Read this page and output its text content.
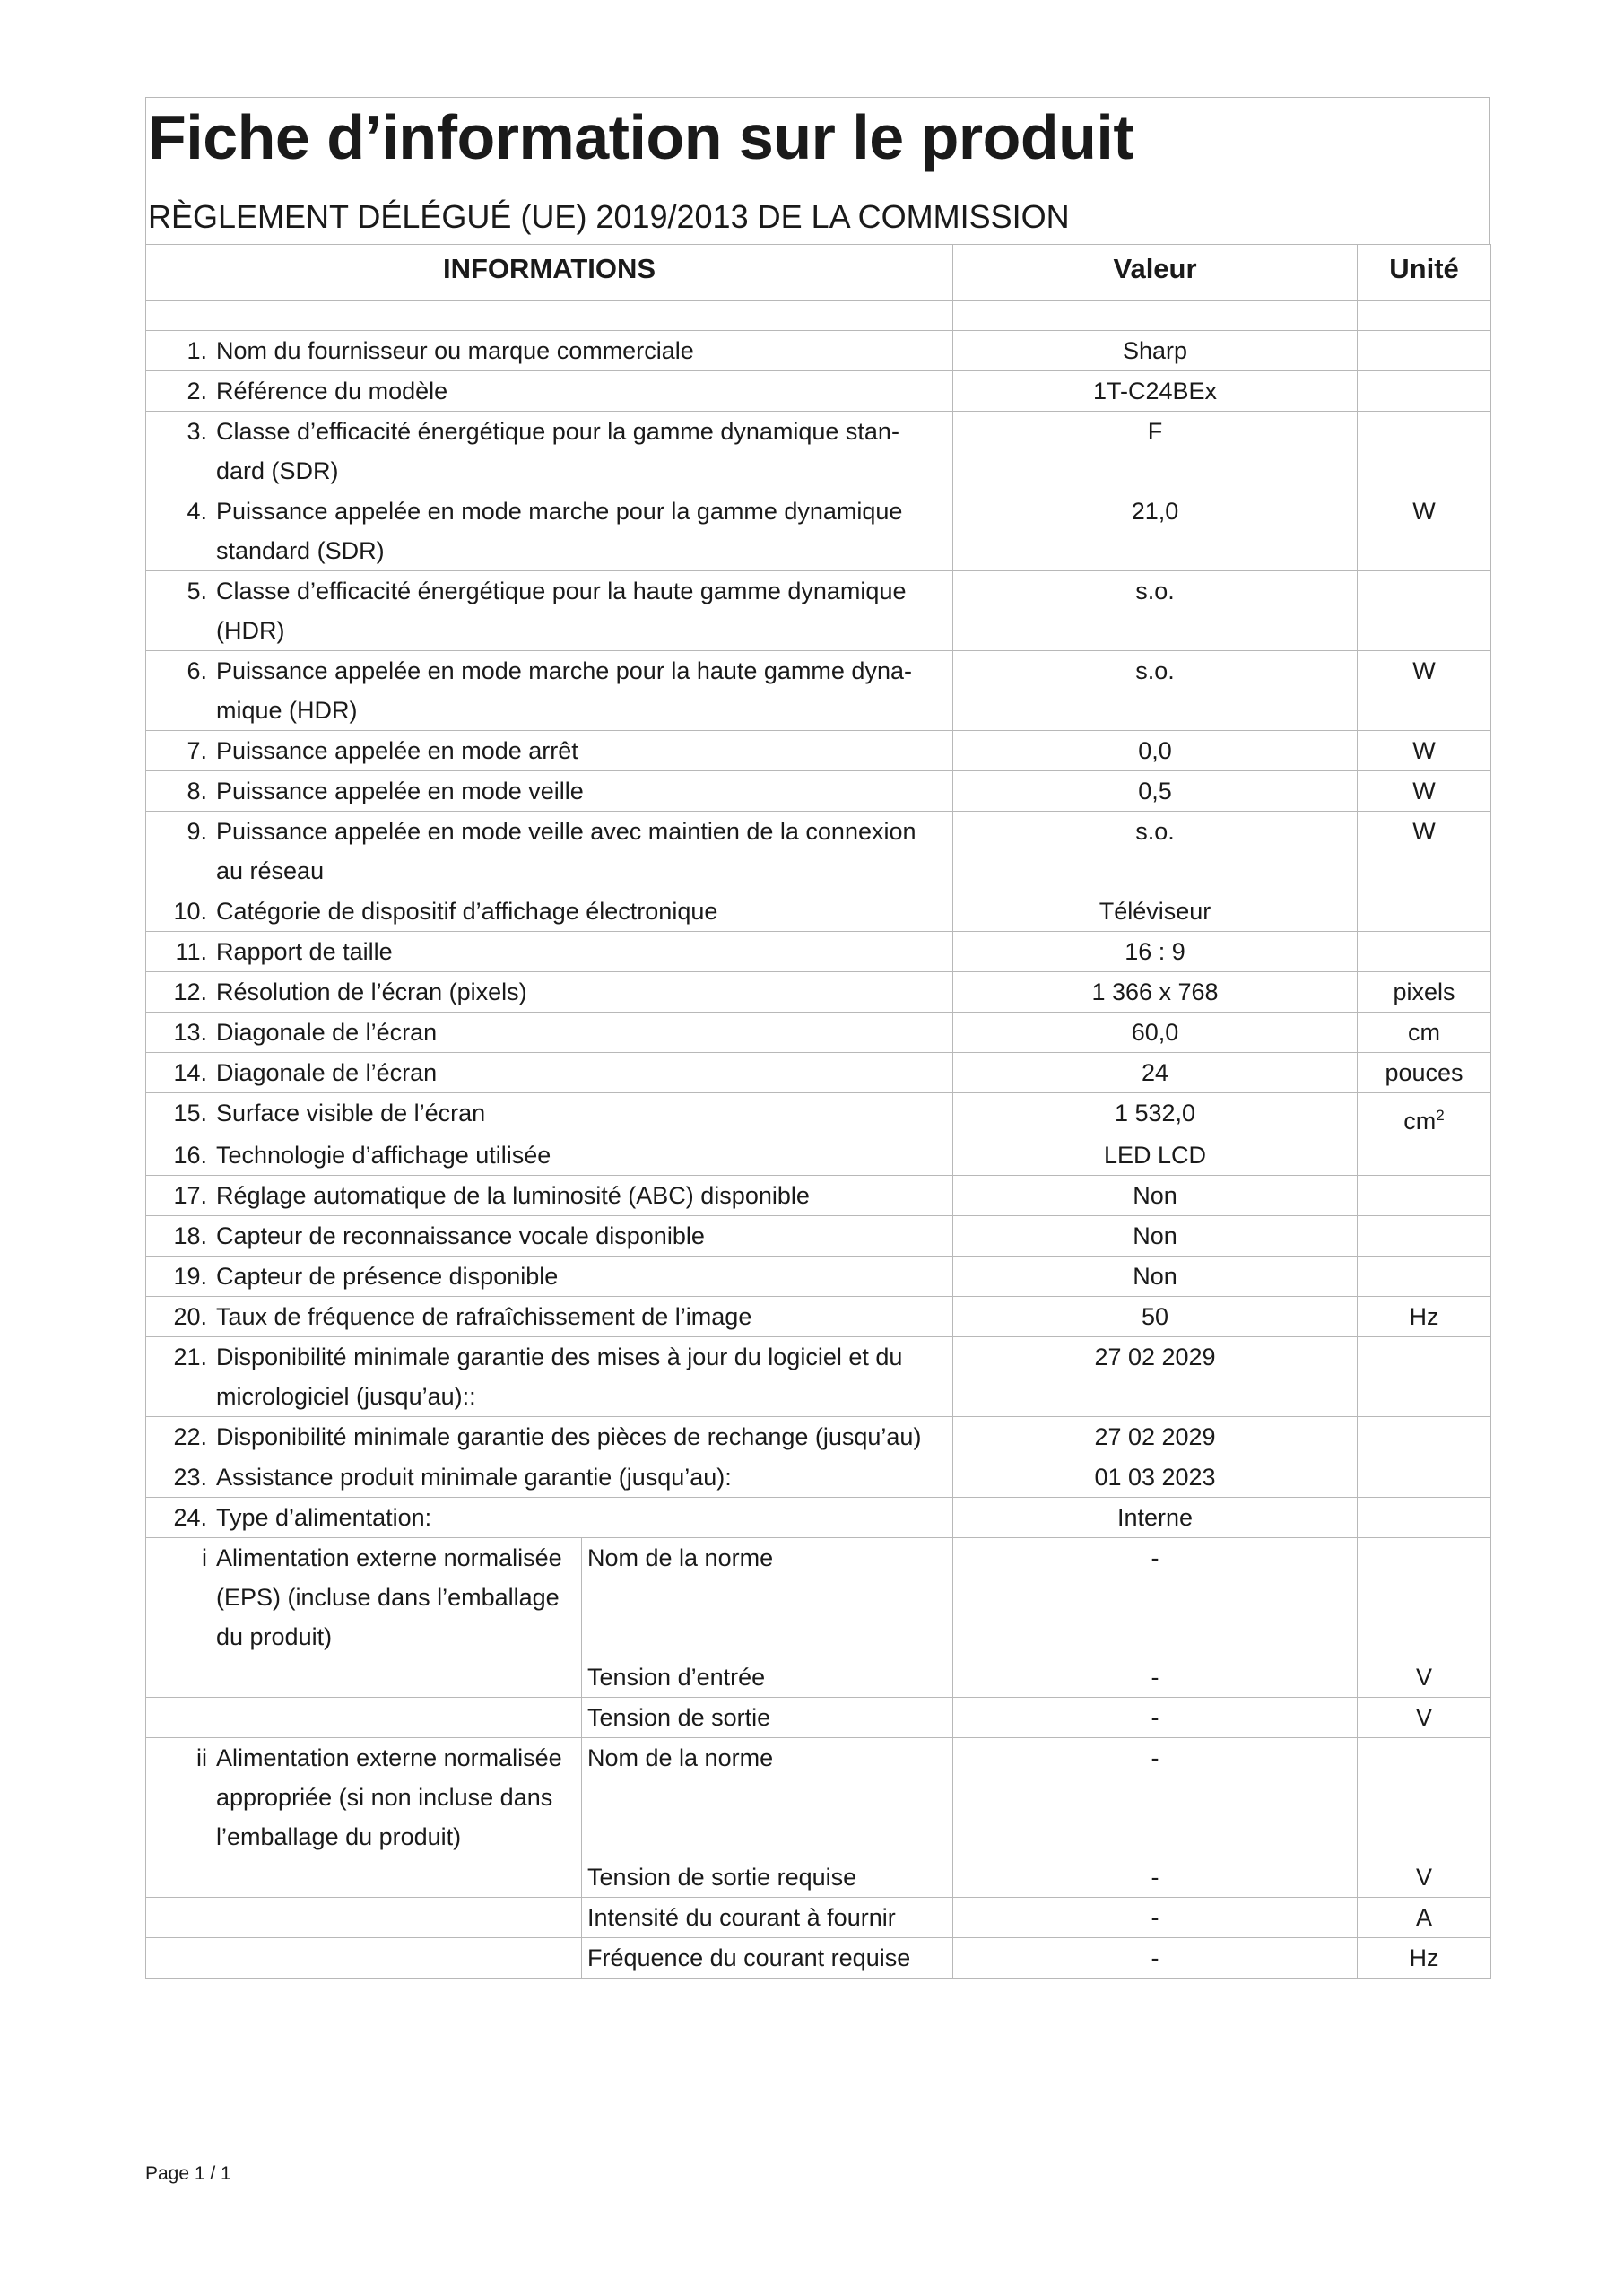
Fiche d’information sur le produit
RÈGLEMENT DÉLÉGUÉ (UE) 2019/2013 DE LA COMMISSION
INFORMATIONS		Valeur	Unité

1. Nom du fournisseur ou marque commerciale		Sharp	
2. Référence du modèle		1T-C24BEx	
3. Classe d’efficacité énergétique pour la gamme dynamique stan-dard (SDR)		F	
4. Puissance appelée en mode marche pour la gamme dynamique standard (SDR)		21,0	W
5. Classe d’efficacité énergétique pour la haute gamme dynamique (HDR)		s.o.	
6. Puissance appelée en mode marche pour la haute gamme dyna-mique (HDR)		s.o.	W
7. Puissance appelée en mode arrêt		0,0	W
8. Puissance appelée en mode veille		0,5	W
9. Puissance appelée en mode veille avec maintien de la connexion au réseau		s.o.	W
10. Catégorie de dispositif d’affichage électronique		Téléviseur	
11. Rapport de taille		16 : 9	
12. Résolution de l’écran (pixels)		1 366 x 768	pixels
13. Diagonale de l’écran		60,0	cm
14. Diagonale de l’écran		24	pouces
15. Surface visible de l’écran		1 532,0	$cm^2$
16. Technologie d’affichage utilisée		LED LCD	
17. Réglage automatique de la luminosité (ABC) disponible		Non	
18. Capteur de reconnaissance vocale disponible		Non	
19. Capteur de présence disponible		Non	
20. Taux de fréquence de rafraîchissement de l’image		50	Hz
21. Disponibilité minimale garantie des mises à jour du logiciel et du micrologiciel (jusqu’au)::		27 02 2029	
22. Disponibilité minimale garantie des pièces de rechange (jusqu’au)		27 02 2029	
23. Assistance produit minimale garantie (jusqu’au):		01 03 2023	
24. Type d’alimentation:		Interne	
i Alimentation externe normalisée (EPS) (incluse dans l’emballage du produit)	Nom de la norme	-	
	Tension d’entrée	-	V
	Tension de sortie	-	V
ii Alimentation externe normalisée appropriée (si non incluse dans l’emballage du produit)	Nom de la norme	-	
	Tension de sortie requise	-	V
	Intensité du courant à fournir	-	A
	Fréquence du courant requise	-	Hz
Page 1 / 1
